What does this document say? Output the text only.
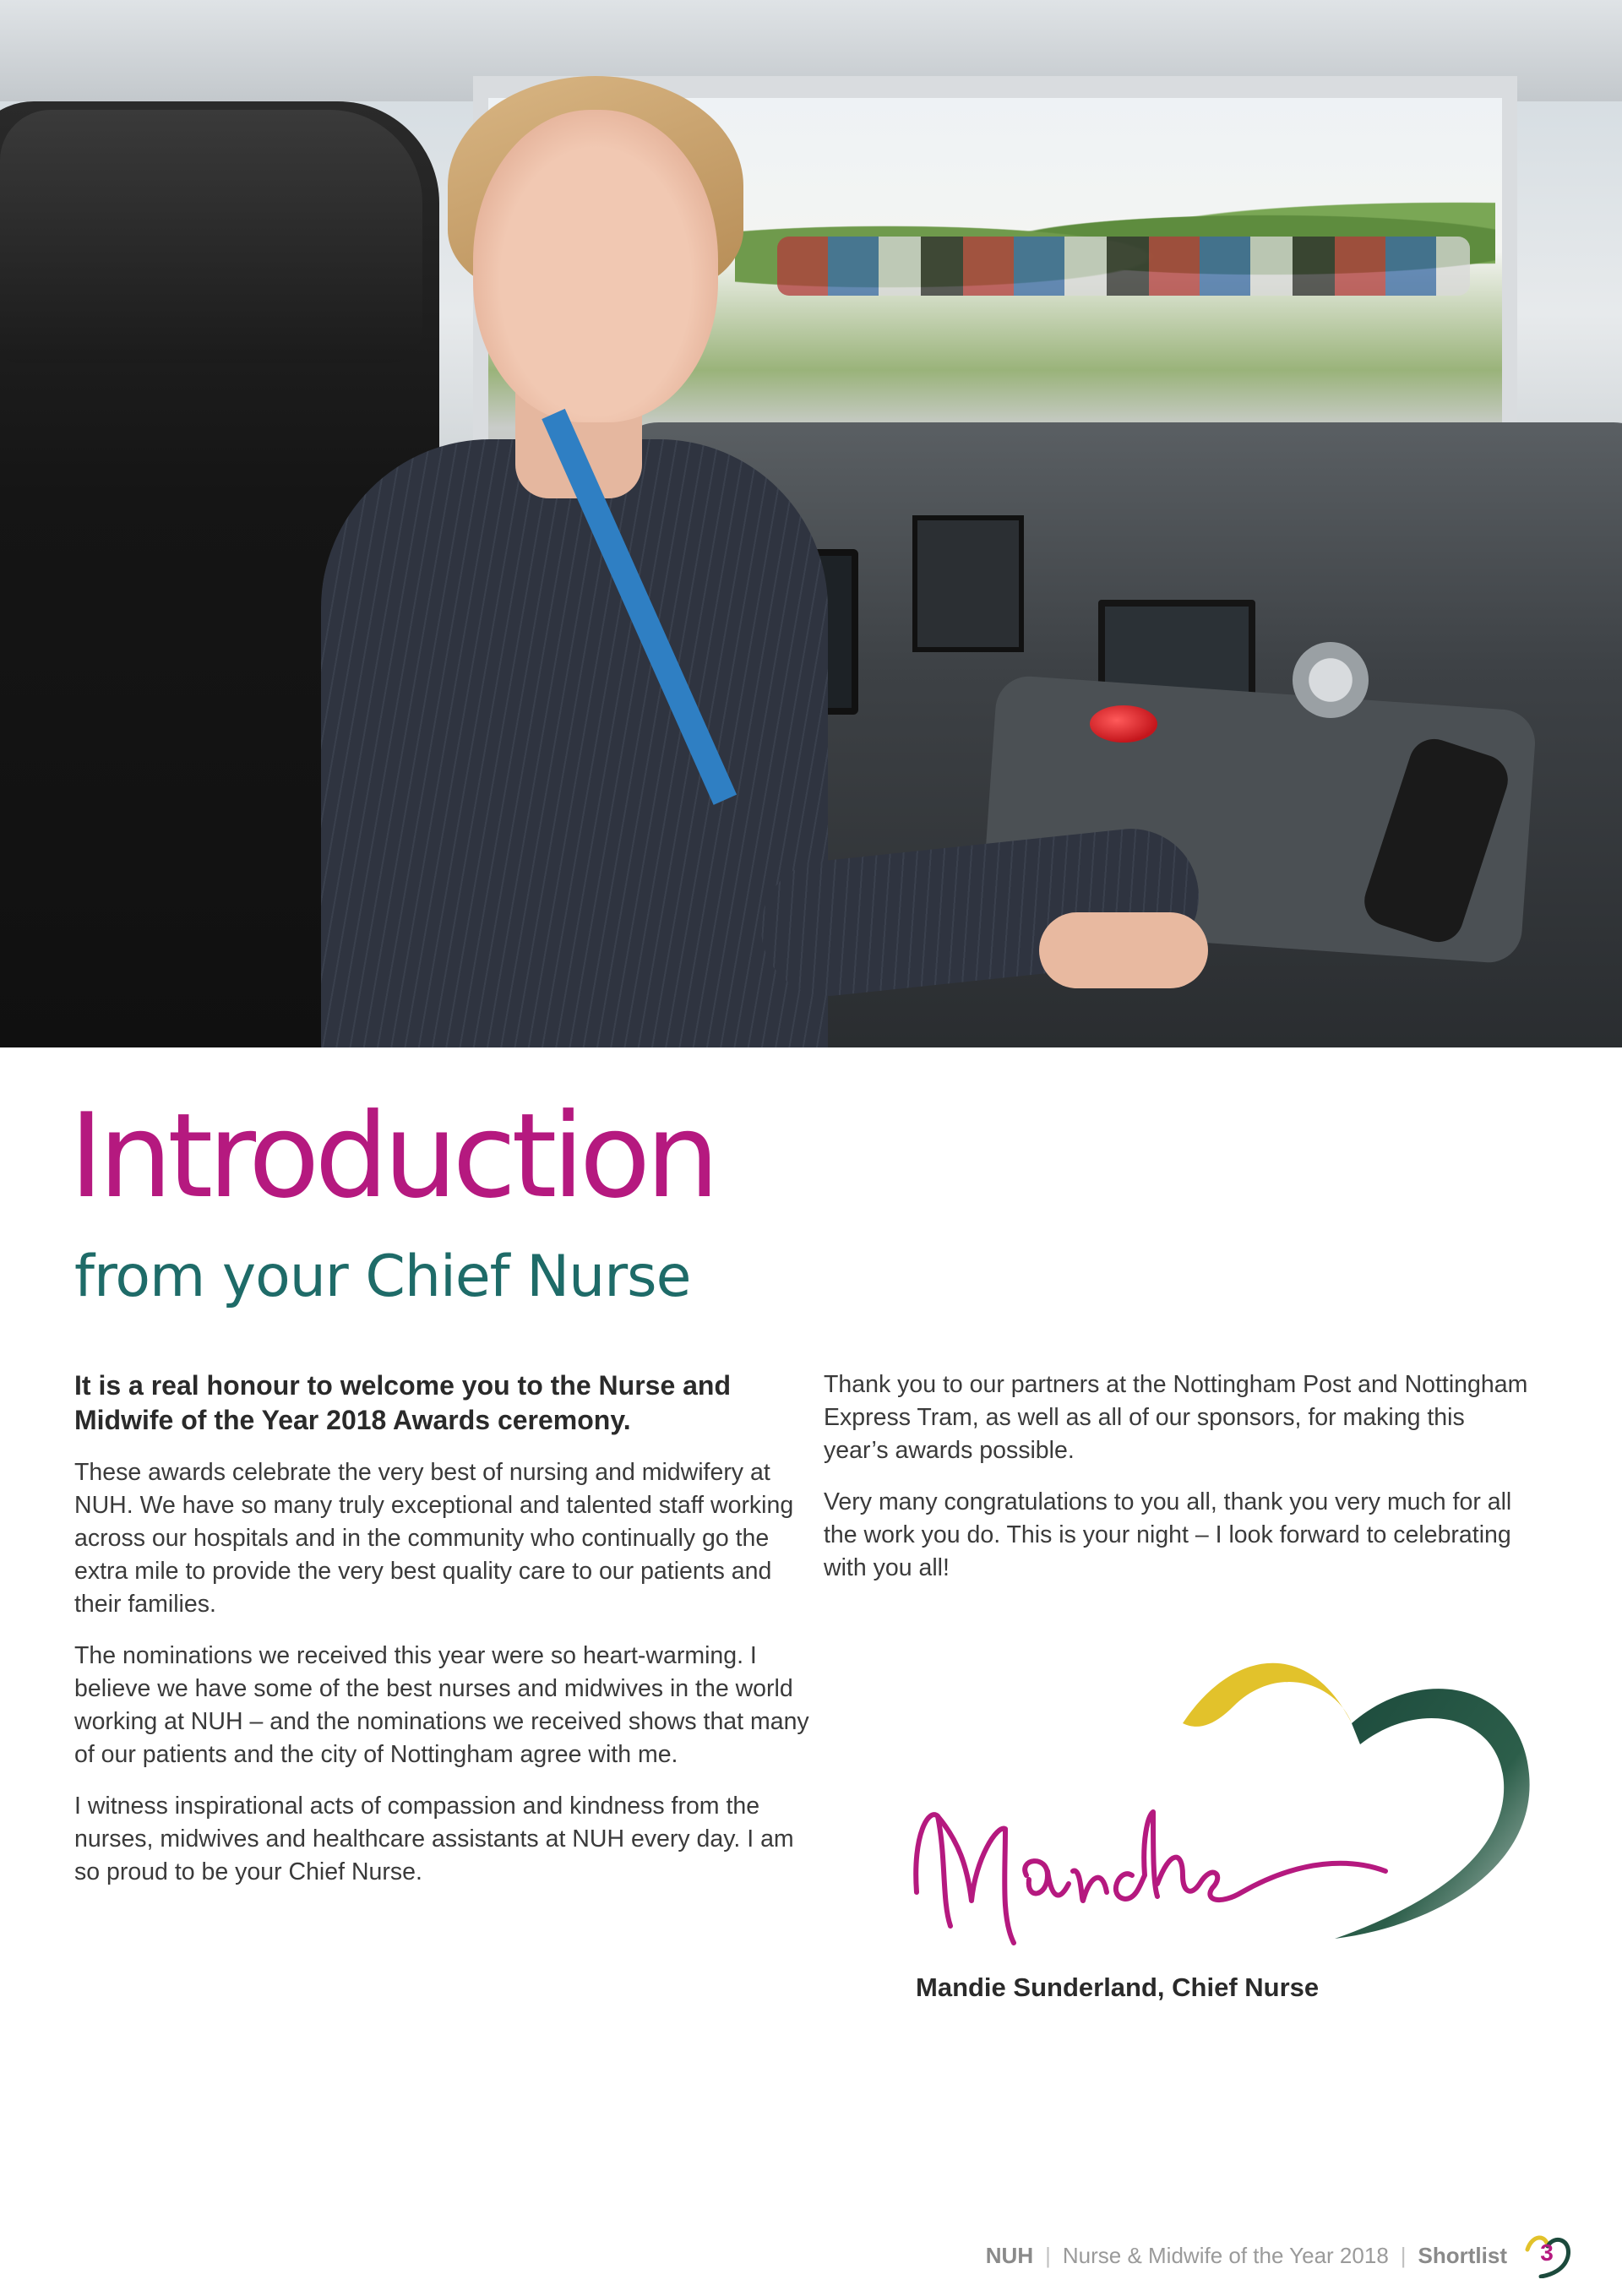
Introduction
from your Chief Nurse

It is a real honour to welcome you to the Nurse and Midwife of the Year 2018 Awards ceremony.

These awards celebrate the very best of nursing and midwifery at NUH. We have so many truly exceptional and talented staff working across our hospitals and in the community who continually go the extra mile to provide the very best quality care to our patients and their families.

The nominations we received this year were so heart-warming. I believe we have some of the best nurses and midwives in the world working at NUH – and the nominations we received shows that many of our patients and the city of Nottingham agree with me.

I witness inspirational acts of compassion and kindness from the nurses, midwives and healthcare assistants at NUH every day. I am so proud to be your Chief Nurse.

Thank you to our partners at the Nottingham Post and Nottingham Express Tram, as well as all of our sponsors, for making this year’s awards possible.

Very many congratulations to you all, thank you very much for all the work you do. This is your night – I look forward to celebrating with you all!

Mandie Sunderland, Chief Nurse

NUH | Nurse & Midwife of the Year 2018 | Shortlist	3
